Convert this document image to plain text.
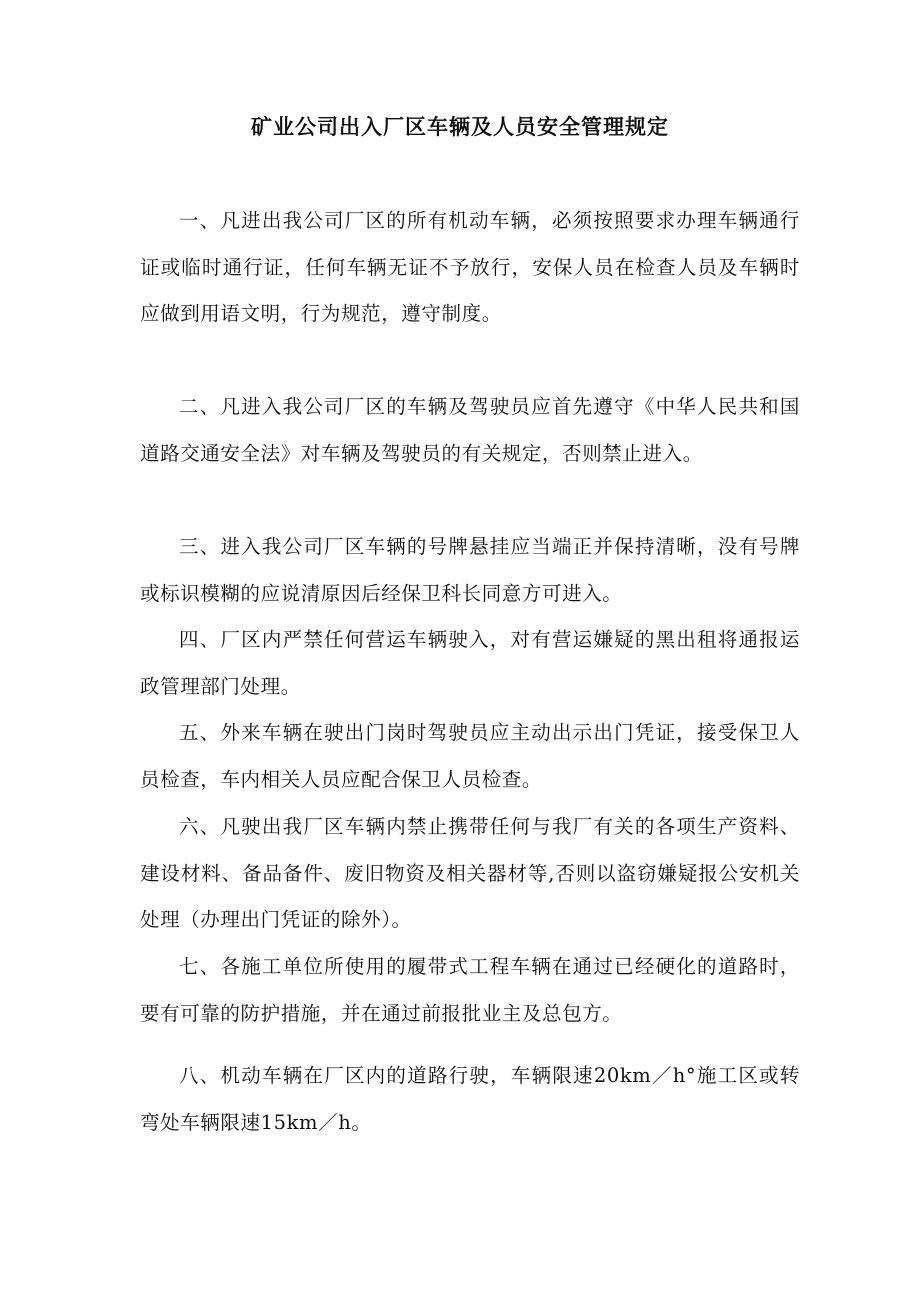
矿业公司出入厂区车辆及人员安全管理规定

一、凡进出我公司厂区的所有机动车辆，必须按照要求办理车辆通行证或临时通行证，任何车辆无证不予放行，安保人员在检查人员及车辆时应做到用语文明，行为规范，遵守制度。

二、凡进入我公司厂区的车辆及驾驶员应首先遵守《中华人民共和国道路交通安全法》对车辆及驾驶员的有关规定，否则禁止进入。

三、进入我公司厂区车辆的号牌悬挂应当端正并保持清晰，没有号牌或标识模糊的应说清原因后经保卫科长同意方可进入。

四、厂区内严禁任何营运车辆驶入，对有营运嫌疑的黑出租将通报运政管理部门处理。

五、外来车辆在驶出门岗时驾驶员应主动出示出门凭证，接受保卫人员检查，车内相关人员应配合保卫人员检查。

六、凡驶出我厂区车辆内禁止携带任何与我厂有关的各项生产资料、建设材料、备品备件、废旧物资及相关器材等,否则以盗窃嫌疑报公安机关处理（办理出门凭证的除外）。

七、各施工单位所使用的履带式工程车辆在通过已经硬化的道路时，要有可靠的防护措施，并在通过前报批业主及总包方。

八、机动车辆在厂区内的道路行驶，车辆限速20km／h°施工区或转弯处车辆限速15km／h。
